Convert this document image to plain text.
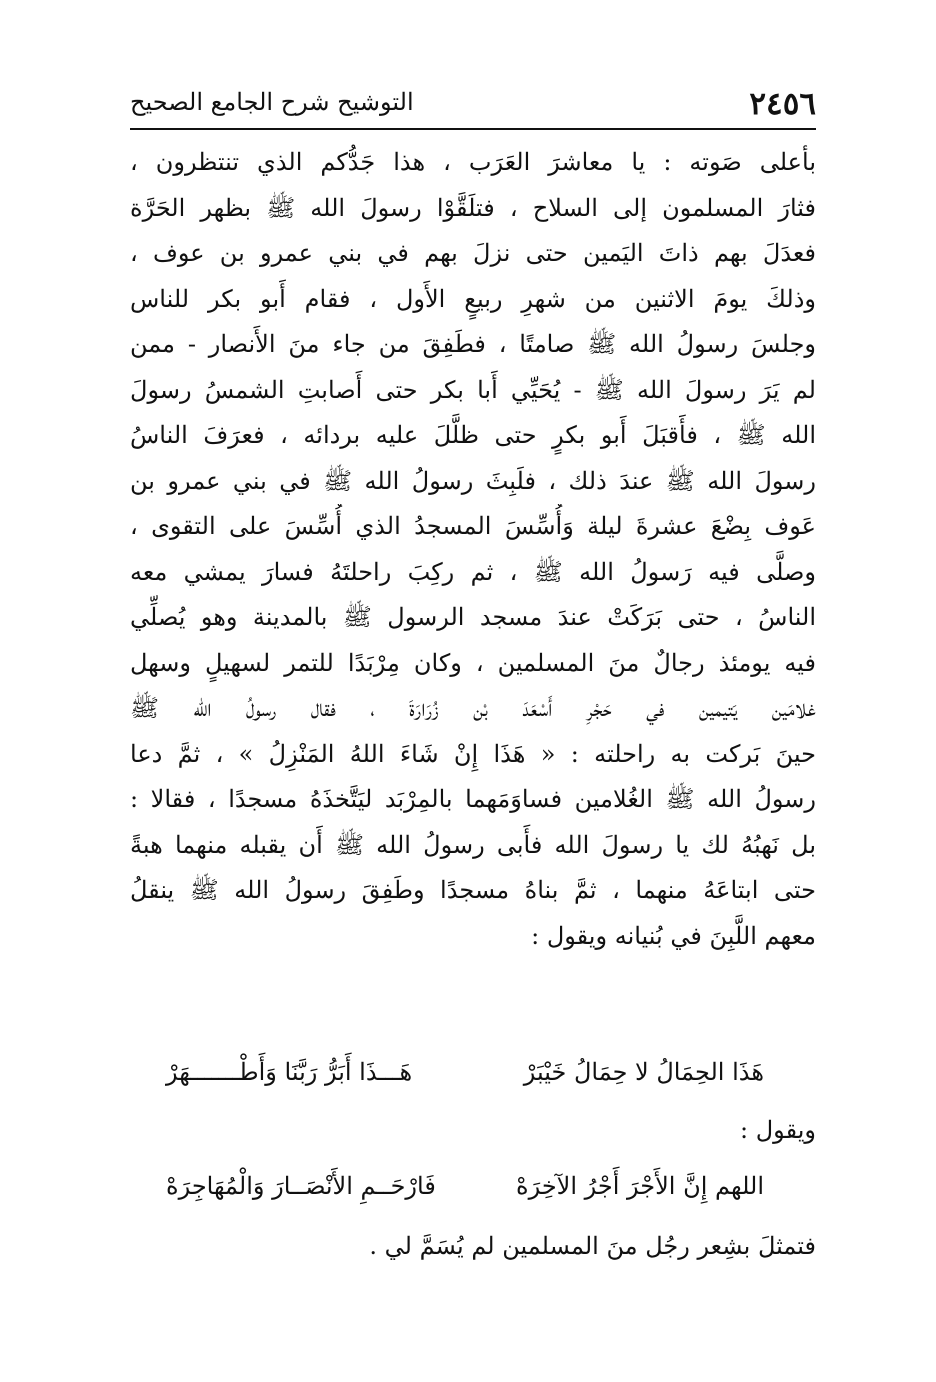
٢٤٥٦
التوشيح شرح الجامع الصحيح
بأعلى صَوته : يا معاشرَ العَرَب ، هذا جَدُّكم الذي تنتظرون ،
فثارَ المسلمون إلى السلاح ، فتلَقَّوْا رسولَ الله ﷺ بظهر الحَرَّة
فعدَلَ بهم ذاتَ اليَمين حتى نزلَ بهم في بني عمرو بن عوف ،
وذلكَ يومَ الاثنين من شهرِ ربيعٍ الأَول ، فقام أَبو بكر للناس
وجلسَ رسولُ الله ﷺ صامتًا ، فطَفِقَ من جاء منَ الأَنصار - ممن
لم يَرَ رسولَ الله ﷺ - يُحَيِّي أَبا بكر حتى أَصابتِ الشمسُ رسولَ
الله ﷺ ، فأَقبَلَ أَبو بكرٍ حتى ظلَّلَ عليه بردائه ، فعرَفَ الناسُ
رسولَ الله ﷺ عندَ ذلك ، فلَبِثَ رسولُ الله ﷺ في بني عمرو بن
عَوف بِضْعَ عشرةَ ليلة وَأُسِّسَ المسجدُ الذي أُسِّسَ على التقوى ،
وصلَّى فيه رَسولُ الله ﷺ ، ثم ركِبَ راحلتَهُ فسارَ يمشي معه
الناسُ ، حتى بَرَكَتْ عندَ مسجد الرسول ﷺ بالمدينة وهو يُصلِّي
فيه يومئذ رجالٌ منَ المسلمين ، وكان مِرْبَدًا للتمر لسهيلٍ وسهل
غلامَين يَتيمين في حَجْرِ أَسْعَدَ بْن زُرَارَةَ ، فقال رسولُ الله ﷺ
حينَ بَركت به راحلته : « هَذَا إِنْ شَاءَ اللهُ المَنْزِلُ » ، ثمَّ دعا
رسولُ الله ﷺ الغُلامين فساوَمَهما بالمِرْبَد ليَتَّخذَهُ مسجدًا ، فقالا :
بل نَهبُهُ لك يا رسولَ الله فأَبى رسولُ الله ﷺ أَن يقبله منهما هبةً
حتى ابتاعَهُ منهما ، ثمَّ بناهُ مسجدًا وطَفِقَ رسولُ الله ﷺ ينقلُ
معهم اللَّبِنَ في بُنيانه ويقول :
هَذَا الحِمَالُ لا حِمَالُ خَيْبَرْ
هَـــذَا أَبَرُّ رَبَّنَا وَأَطْـــــــهَرْ
ويقول :
اللهم إِنَّ الأَجْرَ أَجْرُ الآخِرَهْ
فَارْحَــمِ الأَنْصَــارَ وَالْمُهَاجِرَهْ
فتمثلَ بشِعر رجُل منَ المسلمين لم يُسَمَّ لي .
